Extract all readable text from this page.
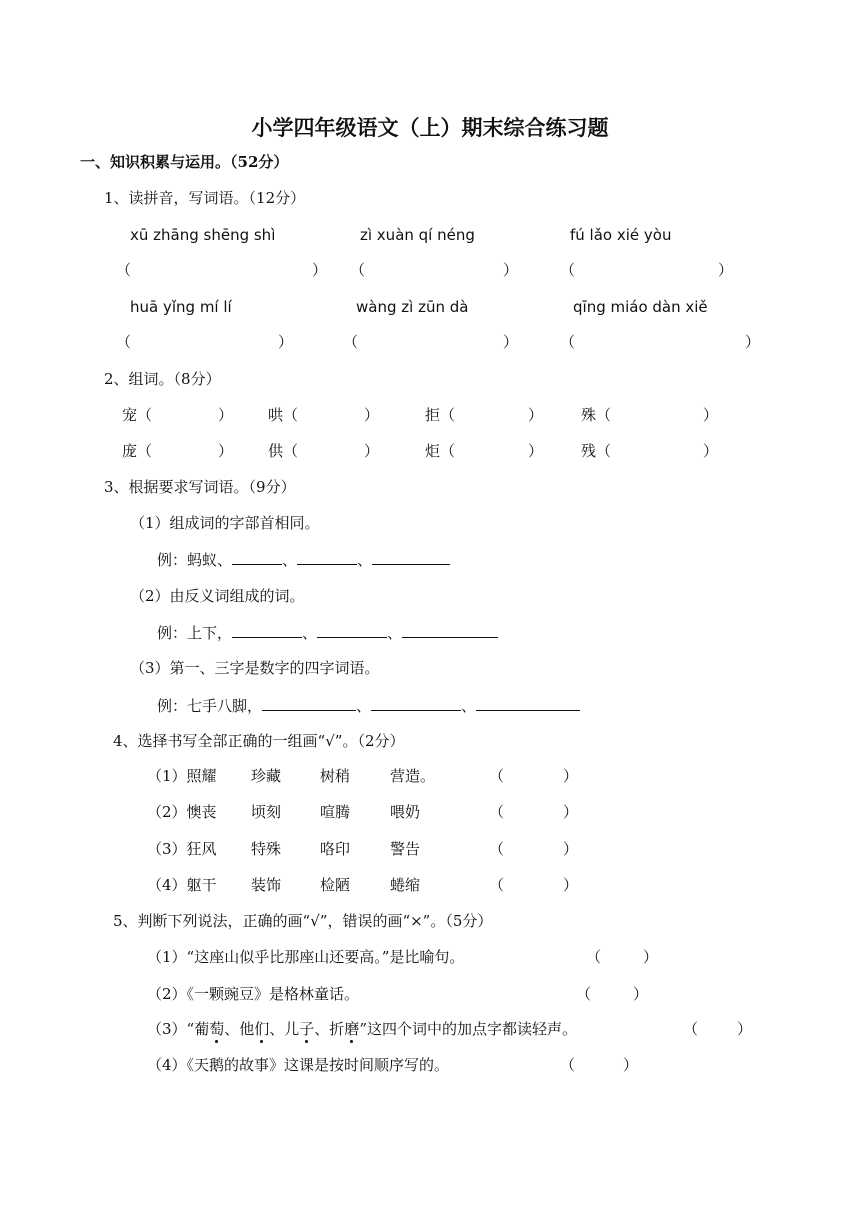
小学四年级语文（上）期末综合练习题
一、知识积累与运用。（52分）
1、读拼音，写词语。（12分）
xū zhāng shēng shì	zì xuàn qí néng	fú lǎo xié yòu
（	） （	）	（	）
huā yǐng mí lí	wàng zì zūn dà	qīng miáo dàn xiě
（	）	（	）	（	）
2、组词。（8分）
宠（	） 哄（	）	拒（	）	殊（	）
庞（	） 供（	）	炬（	）	残（	）
3、根据要求写词语。（9分）
（1）组成词的字部首相同。
例：蚂蚁、	、	、
（2）由反义词组成的词。
例：上下，	、	、
（3）第一、三字是数字的四字词语。
例：七手八脚，	、	、
4、选择书写全部正确的一组画“√”。（2分）
（1）照耀 珍藏	树稍	营造。	（	）
（2）懊丧 顷刻	喧腾	喂奶	（	）
（3）狂风 特殊	咯印	警告	（	）
（4）躯干 装饰	检陋	蜷缩	（	）
5、判断下列说法，正确的画“√”，错误的画“×”。（5分）
（1）“这座山似乎比那座山还要高。”是比喻句。	（	）
（2）《一颗豌豆》是格林童话。	（	）
（3）“葡萄、他们、儿子、折磨”这四个词中的加点字都读轻声。	（	）
（4）《天鹅的故事》这课是按时间顺序写的。	（	）
